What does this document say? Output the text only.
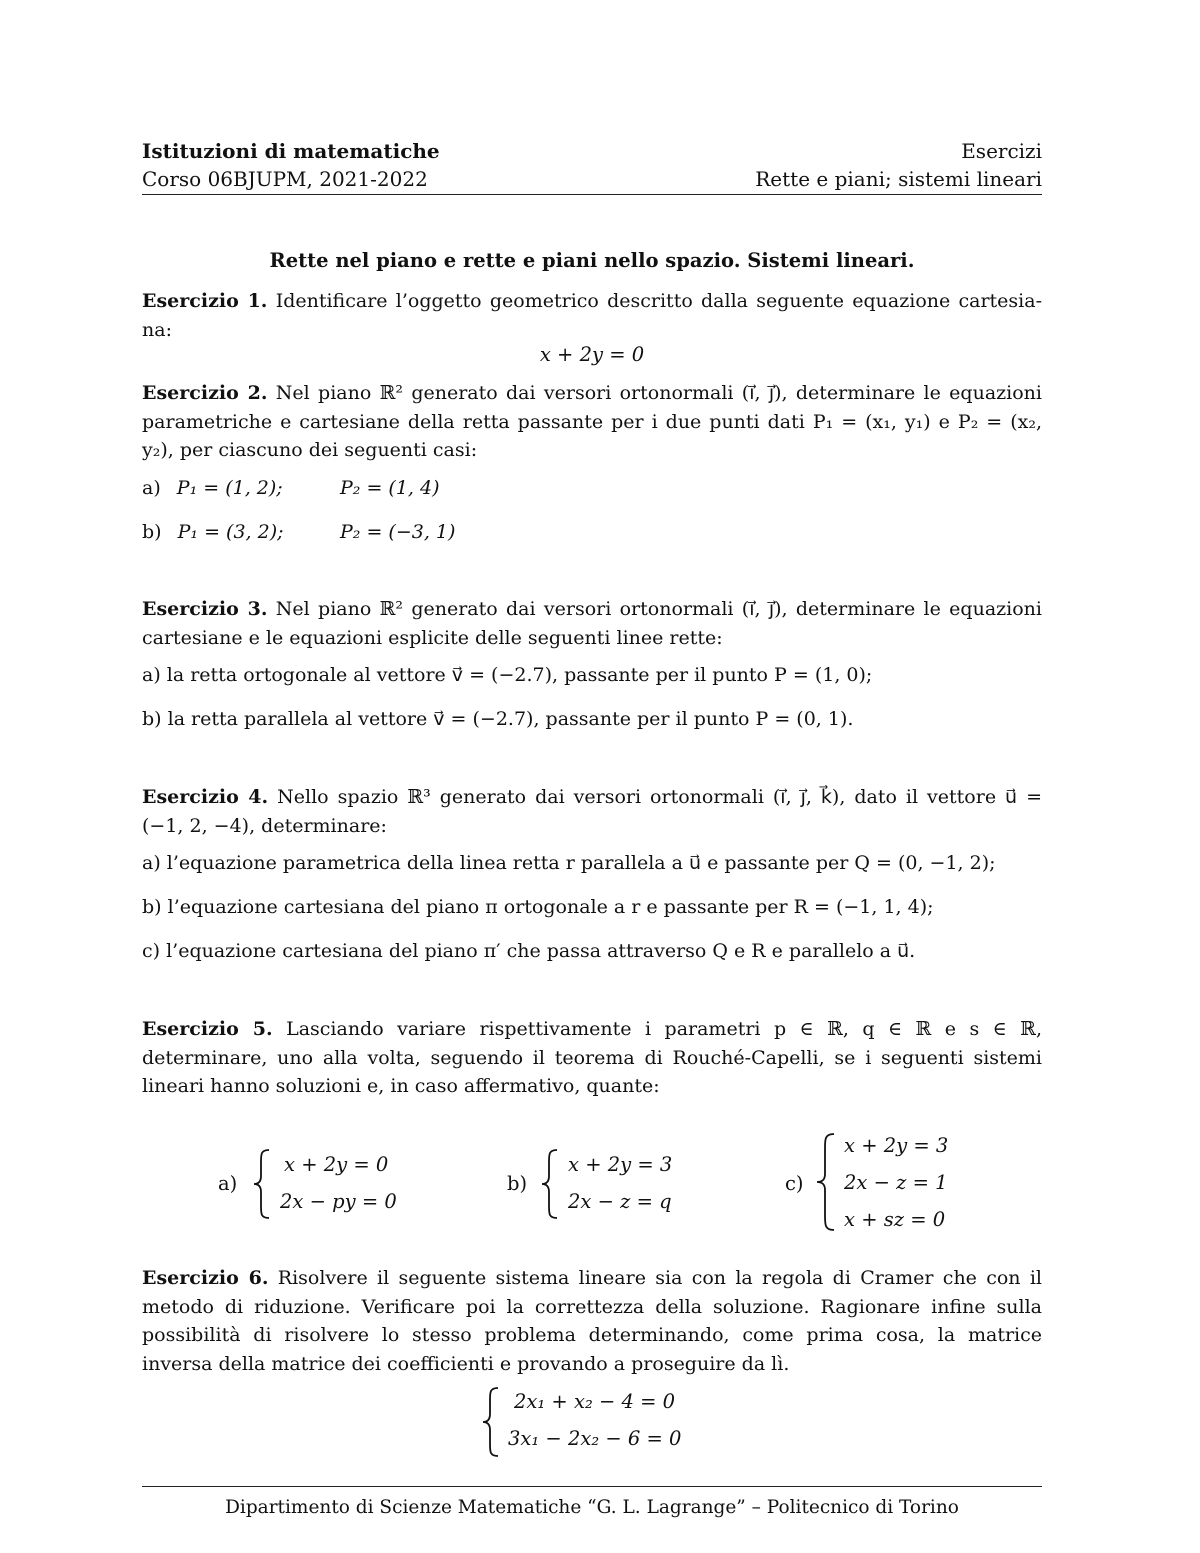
Istituzioni di matematiche
Corso 06BJUPM, 2021-2022
Esercizi
Rette e piani; sistemi lineari
Rette nel piano e rette e piani nello spazio. Sistemi lineari.
Esercizio 1. Identificare l’oggetto geometrico descritto dalla seguente equazione cartesia-na:
x + 2y = 0
Esercizio 2. Nel piano ℝ² generato dai versori ortonormali (i⃗, j⃗), determinare le equazioni parametriche e cartesiane della retta passante per i due punti dati P₁ = (x₁, y₁) e P₂ = (x₂, y₂), per ciascuno dei seguenti casi:
a) P₁ = (1, 2);	P₂ = (1, 4)
b) P₁ = (3, 2);	P₂ = (−3, 1)
Esercizio 3. Nel piano ℝ² generato dai versori ortonormali (i⃗, j⃗), determinare le equazioni cartesiane e le equazioni esplicite delle seguenti linee rette:
a) la retta ortogonale al vettore v⃗ = (−2.7), passante per il punto P = (1, 0);
b) la retta parallela al vettore v⃗ = (−2.7), passante per il punto P = (0, 1).
Esercizio 4. Nello spazio ℝ³ generato dai versori ortonormali (i⃗, j⃗, k⃗), dato il vettore u⃗ = (−1, 2, −4), determinare:
a) l’equazione parametrica della linea retta r parallela a u⃗ e passante per Q = (0, −1, 2);
b) l’equazione cartesiana del piano π ortogonale a r e passante per R = (−1, 1, 4);
c) l’equazione cartesiana del piano π′ che passa attraverso Q e R e parallelo a u⃗.
Esercizio 5. Lasciando variare rispettivamente i parametri p ∈ ℝ, q ∈ ℝ e s ∈ ℝ, determinare, uno alla volta, seguendo il teorema di Rouché-Capelli, se i seguenti sistemi lineari hanno soluzioni e, in caso affermativo, quante:
a)
x + 2y = 0
2x − py = 0
b)
x + 2y = 3
2x − z = q
c)
x + 2y = 3
2x − z = 1
x + sz = 0
Esercizio 6. Risolvere il seguente sistema lineare sia con la regola di Cramer che con il metodo di riduzione. Verificare poi la correttezza della soluzione. Ragionare infine sulla possibilità di risolvere lo stesso problema determinando, come prima cosa, la matrice inversa della matrice dei coefficienti e provando a proseguire da lì.
2x₁ + x₂ − 4 = 0
3x₁ − 2x₂ − 6 = 0
Dipartimento di Scienze Matematiche “G. L. Lagrange” – Politecnico di Torino
